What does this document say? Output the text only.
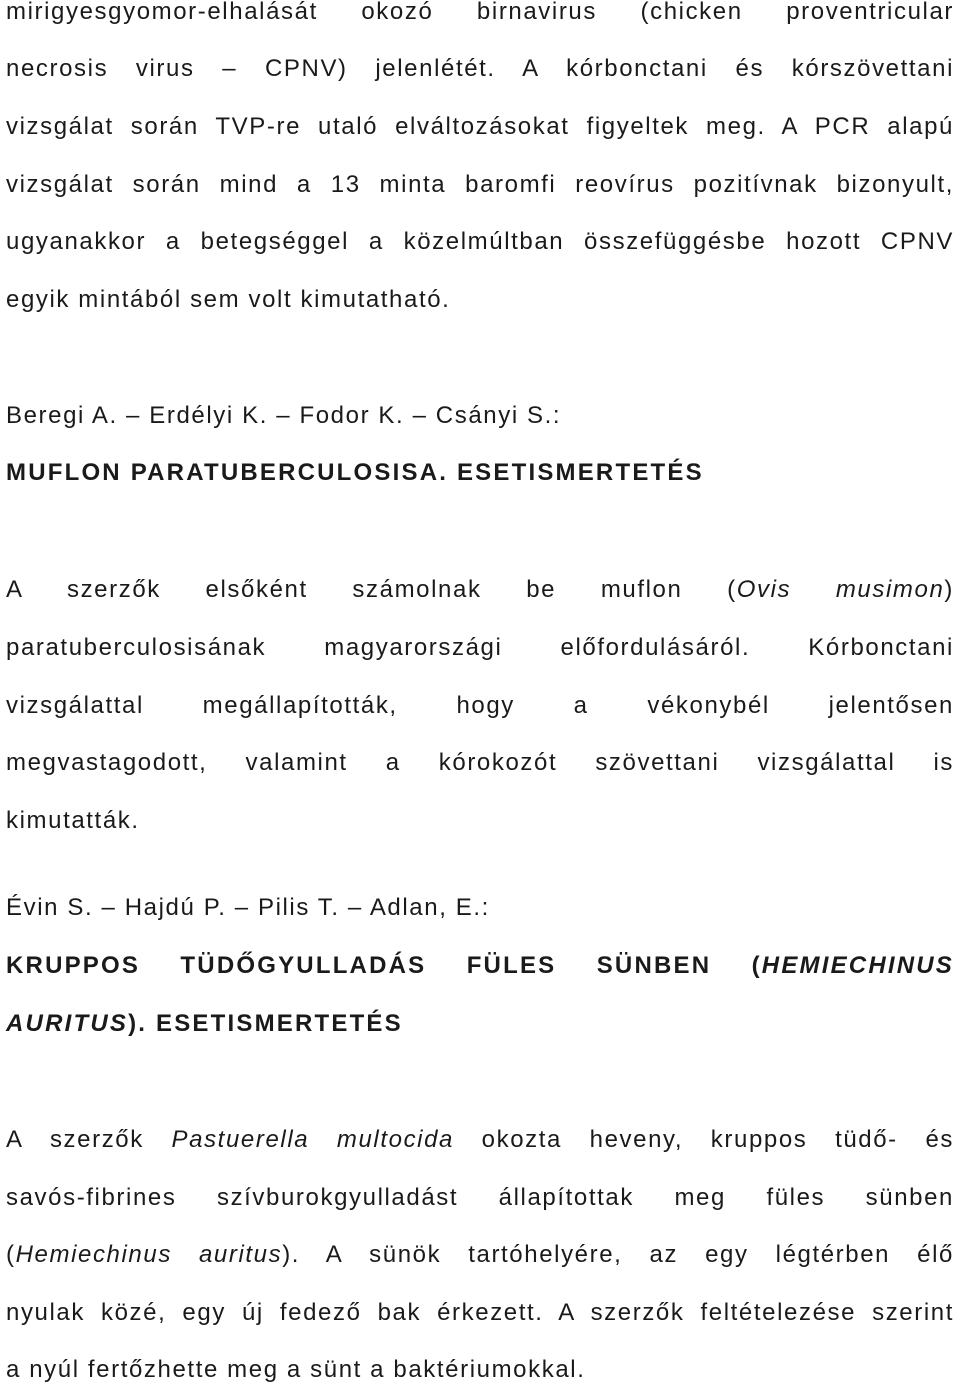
mirigyesgyomor-elhalását okozó birnavirus (chicken proventricular
necrosis virus – CPNV) jelenlétét. A kórbonctani és kórszövettani
vizsgálat során TVP-re utaló elváltozásokat figyeltek meg. A PCR alapú
vizsgálat során mind a 13 minta baromfi reovírus pozitívnak bizonyult,
ugyanakkor a betegséggel a közelmúltban összefüggésbe hozott CPNV
egyik mintából sem volt kimutatható.
Beregi A. – Erdélyi K. – Fodor K. – Csányi S.:
MUFLON PARATUBERCULOSISA. ESETISMERTETÉS
A szerzők elsőként számolnak be muflon (Ovis musimon)
paratuberculosisának magyarországi előfordulásáról. Kórbonctani
vizsgálattal megállapították, hogy a vékonybél jelentősen
megvastagodott, valamint a kórokozót szövettani vizsgálattal is
kimutatták.
Évin S. – Hajdú P. – Pilis T. – Adlan, E.:
KRUPPOS TÜDŐGYULLADÁS FÜLES SÜNBEN (HEMIECHINUS
AURITUS). ESETISMERTETÉS
A szerzők Pastuerella multocida okozta heveny, kruppos tüdő- és
savós-fibrines szívburokgyulladást állapítottak meg füles sünben
(Hemiechinus auritus). A sünök tartóhelyére, az egy légtérben élő
nyulak közé, egy új fedező bak érkezett. A szerzők feltételezése szerint
a nyúl fertőzhette meg a sünt a baktériumokkal.
